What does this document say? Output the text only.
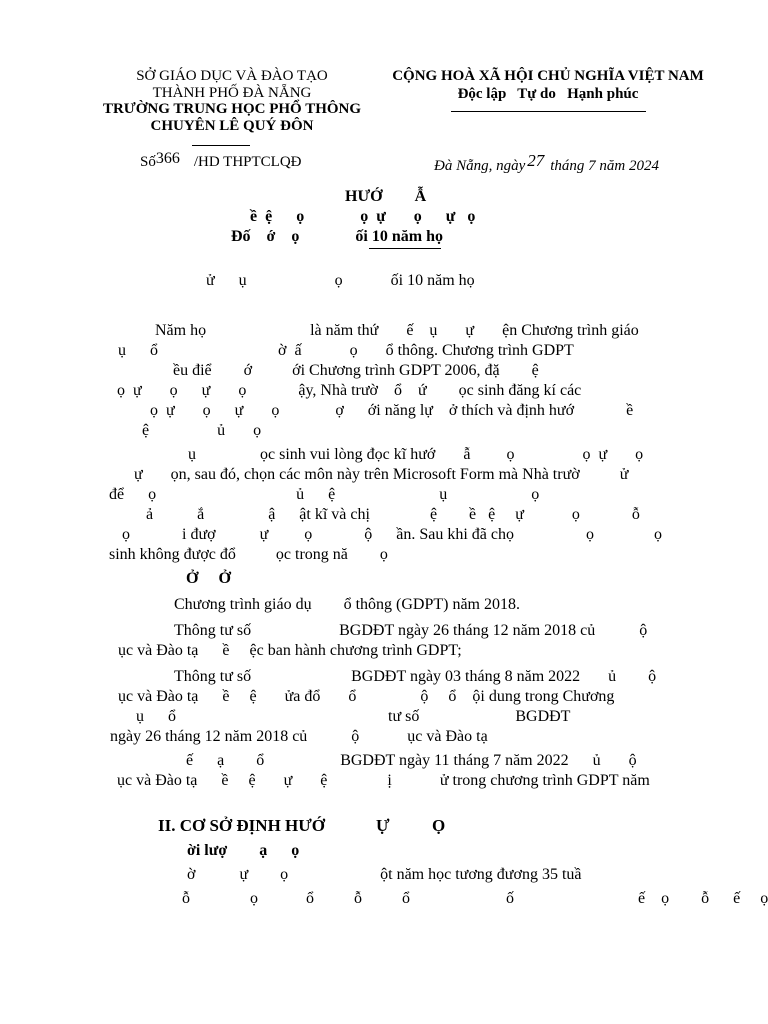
SỞ GIÁO DỤC VÀ ĐÀO TẠO
THÀNH PHỐ ĐÀ NẴNG
TRƯỜNG TRUNG HỌC PHỔ THÔNG
CHUYÊN LÊ QUÝ ĐÔN
Số366 /HD THPTCLQĐ
CỘNG HOÀ XÃ HỘI CHỦ NGHĨA VIỆT NAM
Độc lập   Tự do   Hạnh phúc
Đà Nẵng, ngày 27 tháng 7 năm 2024
HƯỚ        Ẫ
ề  ệ      ọ              ọ  ự       ọ      ự   ọ
Đố    ớ    ọ              ối 10 năm họ
ử      ụ                      ọ            ối 10 năm họ
Năm họ                          là năm thứ       ế    ụ       ự       ện Chương trình giáo
ụ      ổ                              ờ  ấ            ọ       ổ thông. Chương trình GDPT
ều điể        ớ          ới Chương trình GDPT 2006, đặ        ệ
ọ  ự       ọ      ự       ọ             ậy, Nhà trườ    ổ    ứ        ọc sinh đăng kí các
ọ  ự       ọ      ự       ọ              ợ      ới năng lự    ở thích và định hướ             ề
ệ                 ủ       ọ
ụ                ọc sinh vui lòng đọc kĩ hướ       ẫ         ọ                 ọ  ự       ọ
ự       ọn, sau đó, chọn các môn này trên Microsoft Form mà Nhà trườ          ử
để      ọ                                   ủ      ệ                          ụ                     ọ
ả           ắ                ậ      ật kĩ và chị               ệ        ề   ệ     ự            ọ             ỗ
ọ             i đượ           ự         ọ             ộ      ần. Sau khi đã chọ                  ọ               ọ
sinh không được đổ          ọc trong nă        ọ
Ở     Ở
Chương trình giáo dụ        ổ thông (GDPT) năm 2018.
Thông tư số                      BGDĐT ngày 26 tháng 12 năm 2018 củ           ộ
ục và Đào tạ      ề     ệc ban hành chương trình GDPT;
Thông tư số                         BGDĐT ngày 03 tháng 8 năm 2022       ủ        ộ
ục và Đào tạ      ề     ệ       ửa đổ       ổ                ộ     ổ    ội dung trong Chương
ụ      ổ                                                     tư số                        BGDĐT
ngày 26 tháng 12 năm 2018 củ           ộ            ục và Đào tạ
ế      ạ        ổ                   BGDĐT ngày 11 tháng 7 năm 2022      ủ       ộ
ục và Đào tạ      ề     ệ       ự       ệ               ị            ử trong chương trình GDPT năm
II. CƠ SỞ ĐỊNH HƯỚ            Ự          Ọ
ời lượ        ạ      ọ
ờ           ự        ọ                       ột năm học tương đương 35 tuầ
ỗ               ọ            ổ          ỗ          ổ                        ố                               ế    ọ        ỗ      ế     ọ
